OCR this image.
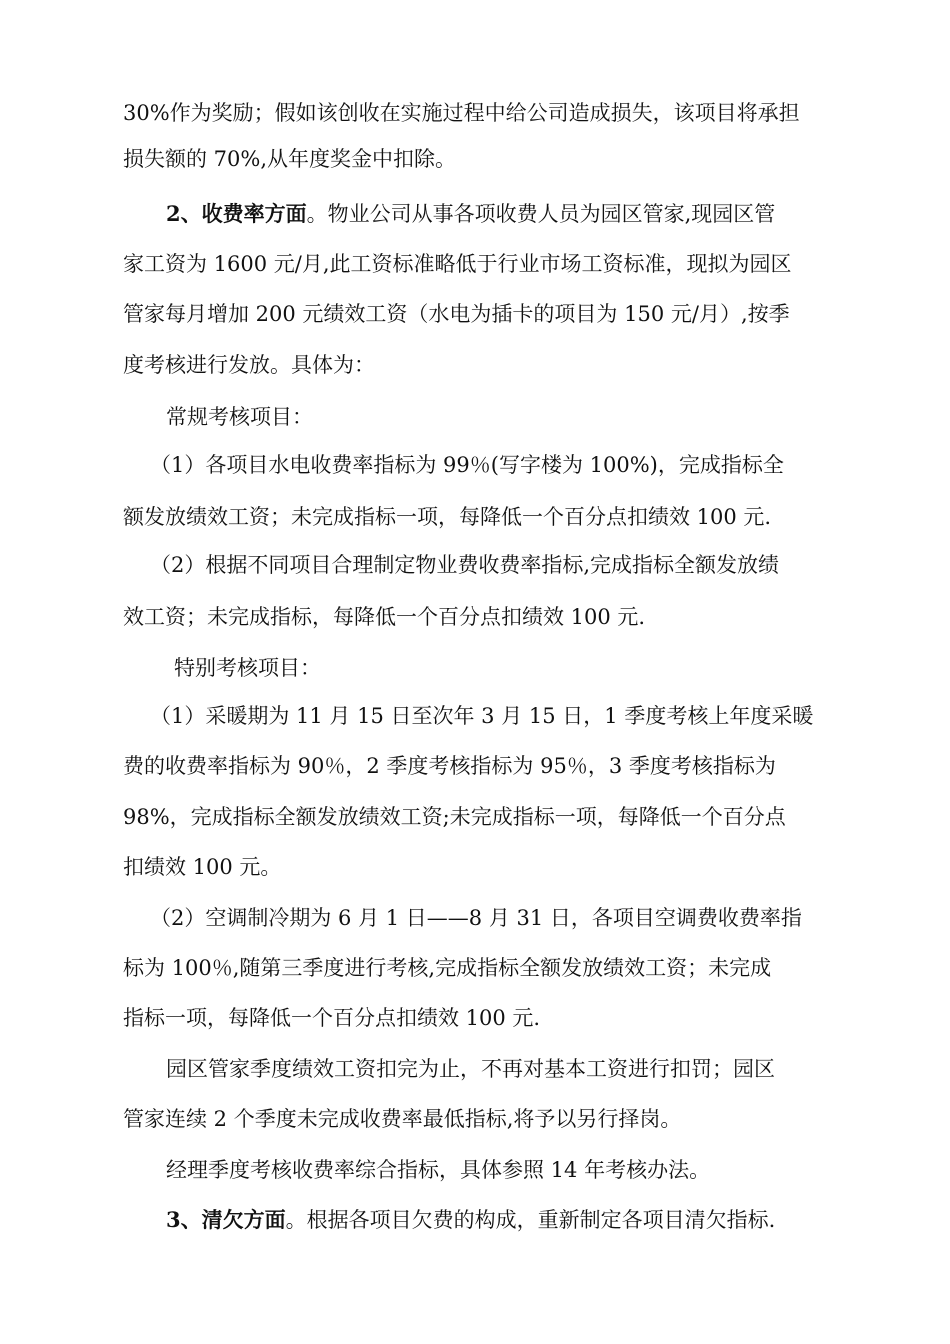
30%作为奖励；假如该创收在实施过程中给公司造成损失，该项目将承担
损失额的 70%,从年度奖金中扣除。
2、收费率方面。物业公司从事各项收费人员为园区管家,现园区管
家工资为 1600 元/月,此工资标准略低于行业市场工资标准，现拟为园区
管家每月增加 200 元绩效工资（水电为插卡的项目为 150 元/月）,按季
度考核进行发放。具体为：
常规考核项目：
（1）各项目水电收费率指标为 99％(写字楼为 100%)，完成指标全
额发放绩效工资；未完成指标一项，每降低一个百分点扣绩效 100 元.
（2）根据不同项目合理制定物业费收费率指标,完成指标全额发放绩
效工资；未完成指标，每降低一个百分点扣绩效 100 元.
特别考核项目：
（1）采暖期为 11 月 15 日至次年 3 月 15 日，1 季度考核上年度采暖
费的收费率指标为 90％，2 季度考核指标为 95％，3 季度考核指标为
98%，完成指标全额发放绩效工资;未完成指标一项，每降低一个百分点
扣绩效 100 元。
（2）空调制冷期为 6 月 1 日——8 月 31 日，各项目空调费收费率指
标为 100％,随第三季度进行考核,完成指标全额发放绩效工资；未完成
指标一项，每降低一个百分点扣绩效 100 元.
园区管家季度绩效工资扣完为止，不再对基本工资进行扣罚；园区
管家连续 2 个季度未完成收费率最低指标,将予以另行择岗。
经理季度考核收费率综合指标，具体参照 14 年考核办法。
3、清欠方面。根据各项目欠费的构成，重新制定各项目清欠指标.
